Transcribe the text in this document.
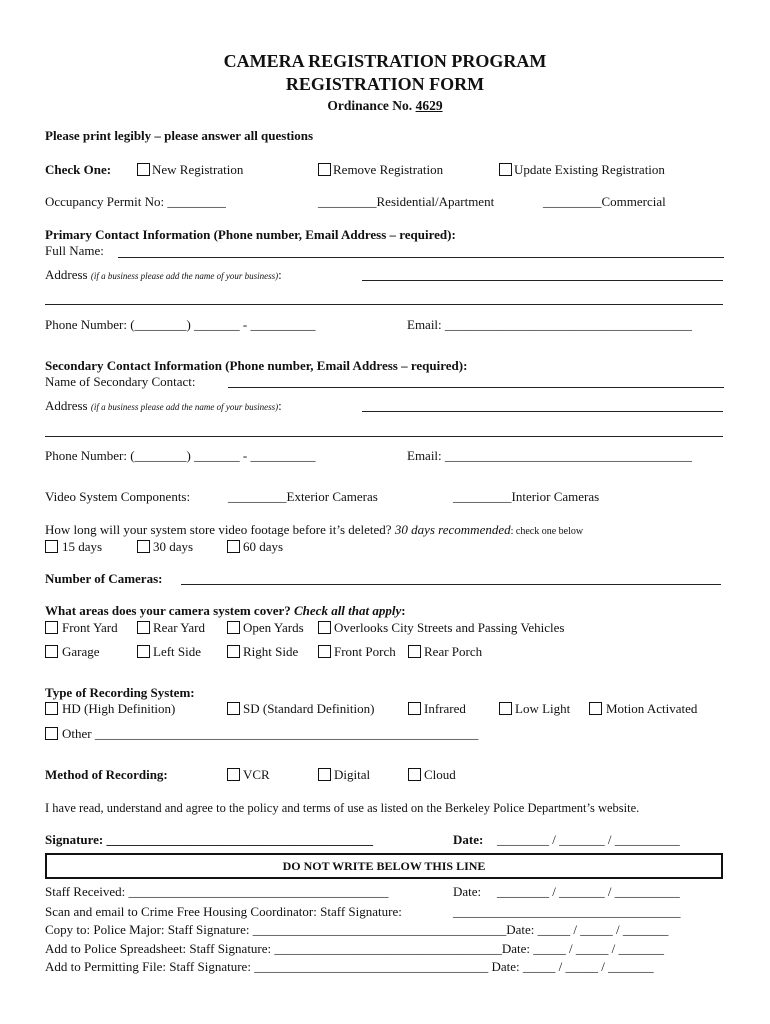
CAMERA REGISTRATION PROGRAM
REGISTRATION FORM
Ordinance No. 4629
Please print legibly – please answer all questions
Check One:	New Registration	Remove Registration	Update Existing Registration
Occupancy Permit No: _________	_________Residential/Apartment	_________Commercial
Primary Contact Information (Phone number, Email Address – required):
Full Name:
Address (if a business please add the name of your business):
Phone Number: (________) _______ - __________	Email: ______________________________________
Secondary Contact Information (Phone number, Email Address – required):
Name of Secondary Contact:
Address (if a business please add the name of your business):
Phone Number: (________) _______ - __________	Email: ______________________________________
Video System Components:	_________Exterior Cameras	_________Interior Cameras
How long will your system store video footage before it’s deleted? 30 days recommended: check one below
15 days	30 days	60 days
Number of Cameras:
What areas does your camera system cover? Check all that apply:
Front Yard	Rear Yard	Open Yards Overlooks City Streets and Passing Vehicles
Garage	Left Side	Right Side	Front Porch Rear Porch
Type of Recording System:
HD (High Definition)	SD (Standard Definition)	Infrared	Low Light	Motion Activated
Other ___________________________________________________________
Method of Recording:	VCR	Digital	Cloud
I have read, understand and agree to the policy and terms of use as listed on the Berkeley Police Department’s website.
Signature: _________________________________________	Date: ________ / _______ / __________
DO NOT WRITE BELOW THIS LINE
Staff Received: ________________________________________	Date: ________ / _______ / __________
Scan and email to Crime Free Housing Coordinator: Staff Signature:	___________________________________
Copy to: Police Major: Staff Signature: _______________________________________Date: _____ / _____ / _______
Add to Police Spreadsheet: Staff Signature: ___________________________________Date: _____ / _____ / _______
Add to Permitting File: Staff Signature: ____________________________________ Date: _____ / _____ / _______
